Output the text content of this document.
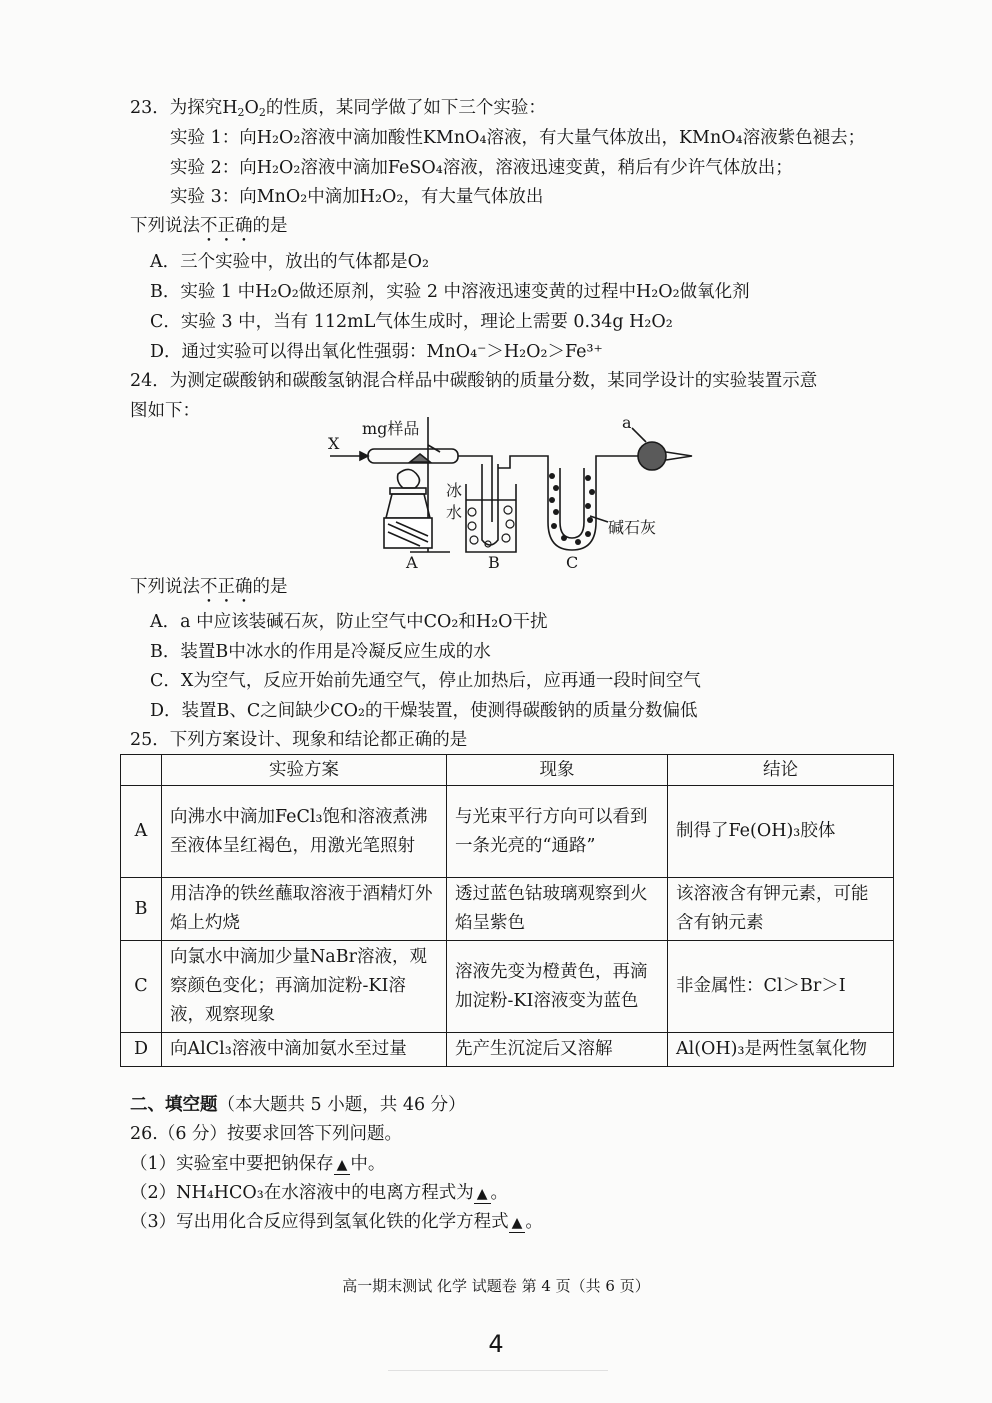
23．为探究$H_2O_2$的性质，某同学做了如下三个实验：
实验 1：向H₂O₂溶液中滴加酸性KMnO₄溶液，有大量气体放出，KMnO₄溶液紫色褪去；
实验 2：向H₂O₂溶液中滴加FeSO₄溶液，溶液迅速变黄，稍后有少许气体放出；
实验 3：向MnO₂中滴加H₂O₂，有大量气体放出
下列说法不正确的是
A．三个实验中，放出的气体都是O₂
B．实验 1 中H₂O₂做还原剂，实验 2 中溶液迅速变黄的过程中H₂O₂做氧化剂
C．实验 3 中，当有 112mL气体生成时，理论上需要 0.34g H₂O₂
D．通过实验可以得出氧化性强弱：MnO₄⁻＞H₂O₂＞Fe³⁺
24．为测定碳酸钠和碳酸氢钠混合样品中碳酸钠的质量分数，某同学设计的实验装置示意
图如下：
X
mg样品	a
冰
水
碱石灰
A	B	C
下列说法不正确的是
A．a 中应该装碱石灰，防止空气中CO₂和H₂O干扰
B．装置B中冰水的作用是冷凝反应生成的水
C．X为空气，反应开始前先通空气，停止加热后，应再通一段时间空气
D．装置B、C之间缺少CO₂的干燥装置，使测得碳酸钠的质量分数偏低
25．下列方案设计、现象和结论都正确的是
	实验方案	现象	结论
A	向沸水中滴加FeCl₃饱和溶液煮沸至液体呈红褐色，用激光笔照射	与光束平行方向可以看到一条光亮的“通路”	制得了Fe(OH)₃胶体
B	用洁净的铁丝蘸取溶液于酒精灯外焰上灼烧	透过蓝色钴玻璃观察到火焰呈紫色	该溶液含有钾元素，可能含有钠元素
C	向氯水中滴加少量NaBr溶液，观察颜色变化；再滴加淀粉-KI溶液，观察现象	溶液先变为橙黄色，再滴加淀粉-KI溶液变为蓝色	非金属性：Cl＞Br＞I
D	向AlCl₃溶液中滴加氨水至过量	先产生沉淀后又溶解	Al(OH)₃是两性氢氧化物
二、填空题（本大题共 5 小题，共 46 分）
26.（6 分）按要求回答下列问题。
（1）实验室中要把钠保存 ▲ 中。
（2）NH₄HCO₃在水溶液中的电离方程式为 ▲ 。
（3）写出用化合反应得到氢氧化铁的化学方程式 ▲ 。
高一期末测试 化学 试题卷 第 4 页（共 6 页）
4
